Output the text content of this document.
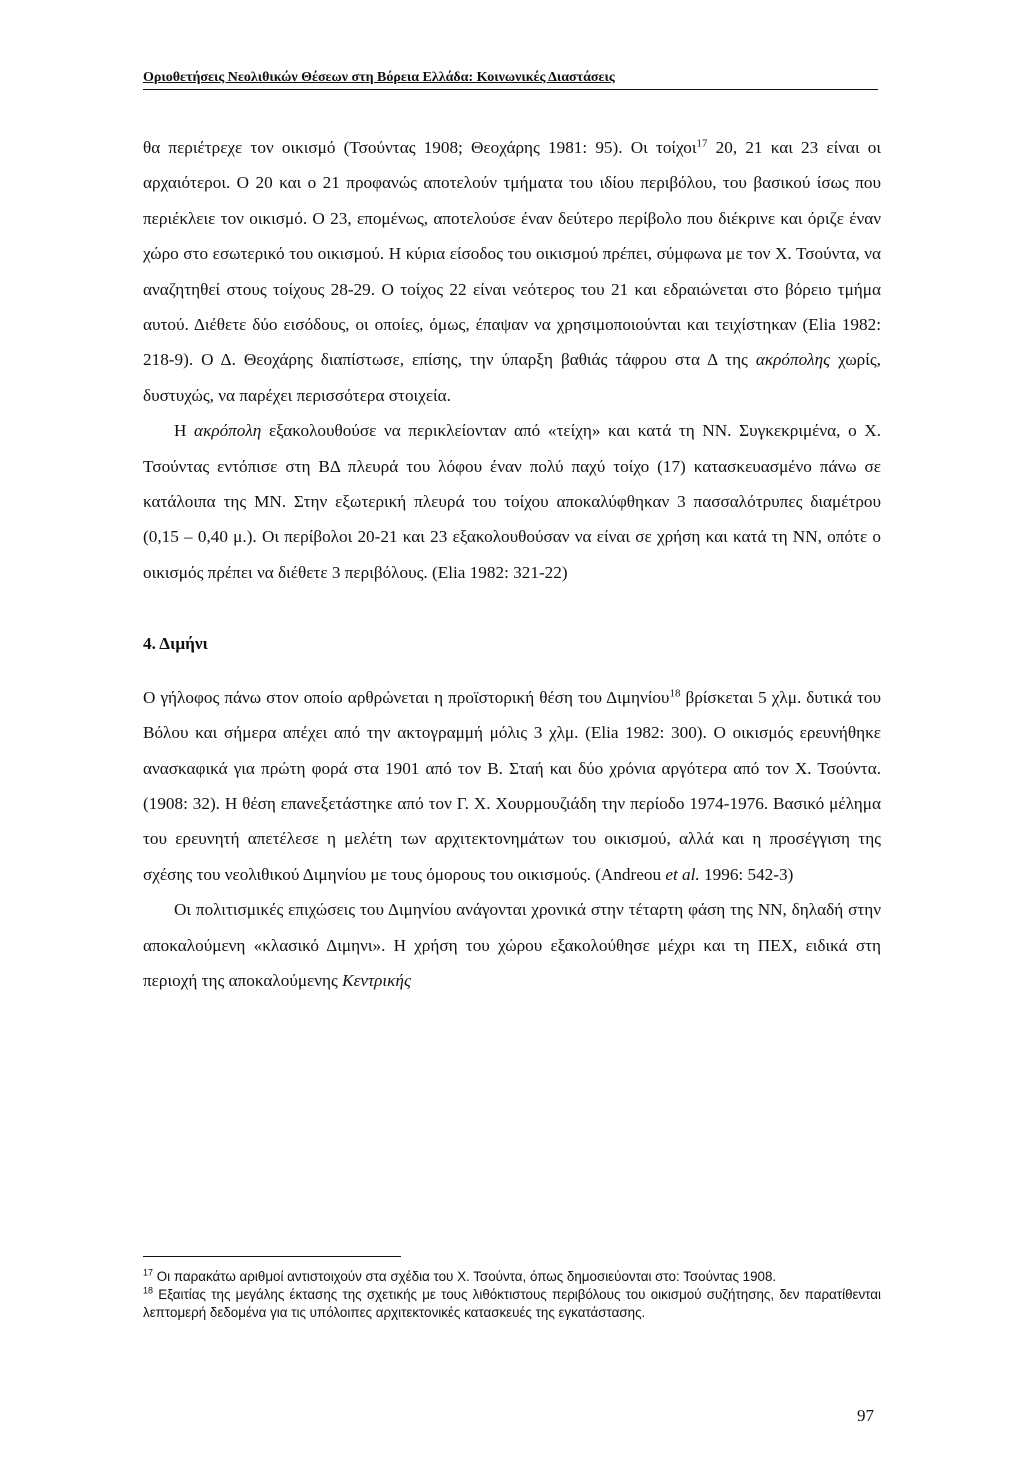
Οριοθετήσεις Νεολιθικών Θέσεων στη Βόρεια Ελλάδα: Κοινωνικές Διαστάσεις

θα περιέτρεχε τον οικισμό (Τσούντας 1908; Θεοχάρης 1981: 95). Οι τοίχοι$^{17}$ 20, 21 και 23 είναι οι αρχαιότεροι. Ο 20 και ο 21 προφανώς αποτελούν τμήματα του ιδίου περιβόλου, του βασικού ίσως που περιέκλειε τον οικισμό. Ο 23, επομένως, αποτελούσε έναν δεύτερο περίβολο που διέκρινε και όριζε έναν χώρο στο εσωτερικό του οικισμού. Η κύρια είσοδος του οικισμού πρέπει, σύμφωνα με τον Χ. Τσούντα, να αναζητηθεί στους τοίχους 28-29. Ο τοίχος 22 είναι νεότερος του 21 και εδραιώνεται στο βόρειο τμήμα αυτού. Διέθετε δύο εισόδους, οι οποίες, όμως, έπαψαν να χρησιμοποιούνται και τειχίστηκαν (Elia 1982: 218-9). Ο Δ. Θεοχάρης διαπίστωσε, επίσης, την ύπαρξη βαθιάς τάφρου στα Δ της ακρόπολης χωρίς, δυστυχώς, να παρέχει περισσότερα στοιχεία.

Η ακρόπολη εξακολουθούσε να περικλείονταν από «τείχη» και κατά τη ΝΝ. Συγκεκριμένα, ο Χ. Τσούντας εντόπισε στη ΒΔ πλευρά του λόφου έναν πολύ παχύ τοίχο (17) κατασκευασμένο πάνω σε κατάλοιπα της ΜΝ. Στην εξωτερική πλευρά του τοίχου αποκαλύφθηκαν 3 πασσαλότρυπες διαμέτρου (0,15 – 0,40 μ.). Οι περίβολοι 20-21 και 23 εξακολουθούσαν να είναι σε χρήση και κατά τη ΝΝ, οπότε ο οικισμός πρέπει να διέθετε 3 περιβόλους. (Elia 1982: 321-22)

4. Διμήνι

Ο γήλοφος πάνω στον οποίο αρθρώνεται η προϊστορική θέση του Διμηνίου$^{18}$ βρίσκεται 5 χλμ. δυτικά του Βόλου και σήμερα απέχει από την ακτογραμμή μόλις 3 χλμ. (Elia 1982: 300). Ο οικισμός ερευνήθηκε ανασκαφικά για πρώτη φορά στα 1901 από τον Β. Σταή και δύο χρόνια αργότερα από τον Χ. Τσούντα. (1908: 32). Η θέση επανεξετάστηκε από τον Γ. Χ. Χουρμουζιάδη την περίοδο 1974-1976. Βασικό μέλημα του ερευνητή απετέλεσε η μελέτη των αρχιτεκτονημάτων του οικισμού, αλλά και η προσέγγιση της σχέσης του νεολιθικού Διμηνίου με τους όμορους του οικισμούς. (Andreou et al. 1996: 542-3)

Οι πολιτισμικές επιχώσεις του Διμηνίου ανάγονται χρονικά στην τέταρτη φάση της ΝΝ, δηλαδή στην αποκαλούμενη «κλασικό Διμηνι». Η χρήση του χώρου εξακολούθησε μέχρι και τη ΠΕΧ, ειδικά στη περιοχή της αποκαλούμενης Κεντρικής

$^{17}$ Οι παρακάτω αριθμοί αντιστοιχούν στα σχέδια του Χ. Τσούντα, όπως δημοσιεύονται στο: Τσούντας 1908.

$^{18}$ Εξαιτίας της μεγάλης έκτασης της σχετικής με τους λιθόκτιστους περιβόλους του οικισμού συζήτησης, δεν παρατίθενται λεπτομερή δεδομένα για τις υπόλοιπες αρχιτεκτονικές κατασκευές της εγκατάστασης.

97
